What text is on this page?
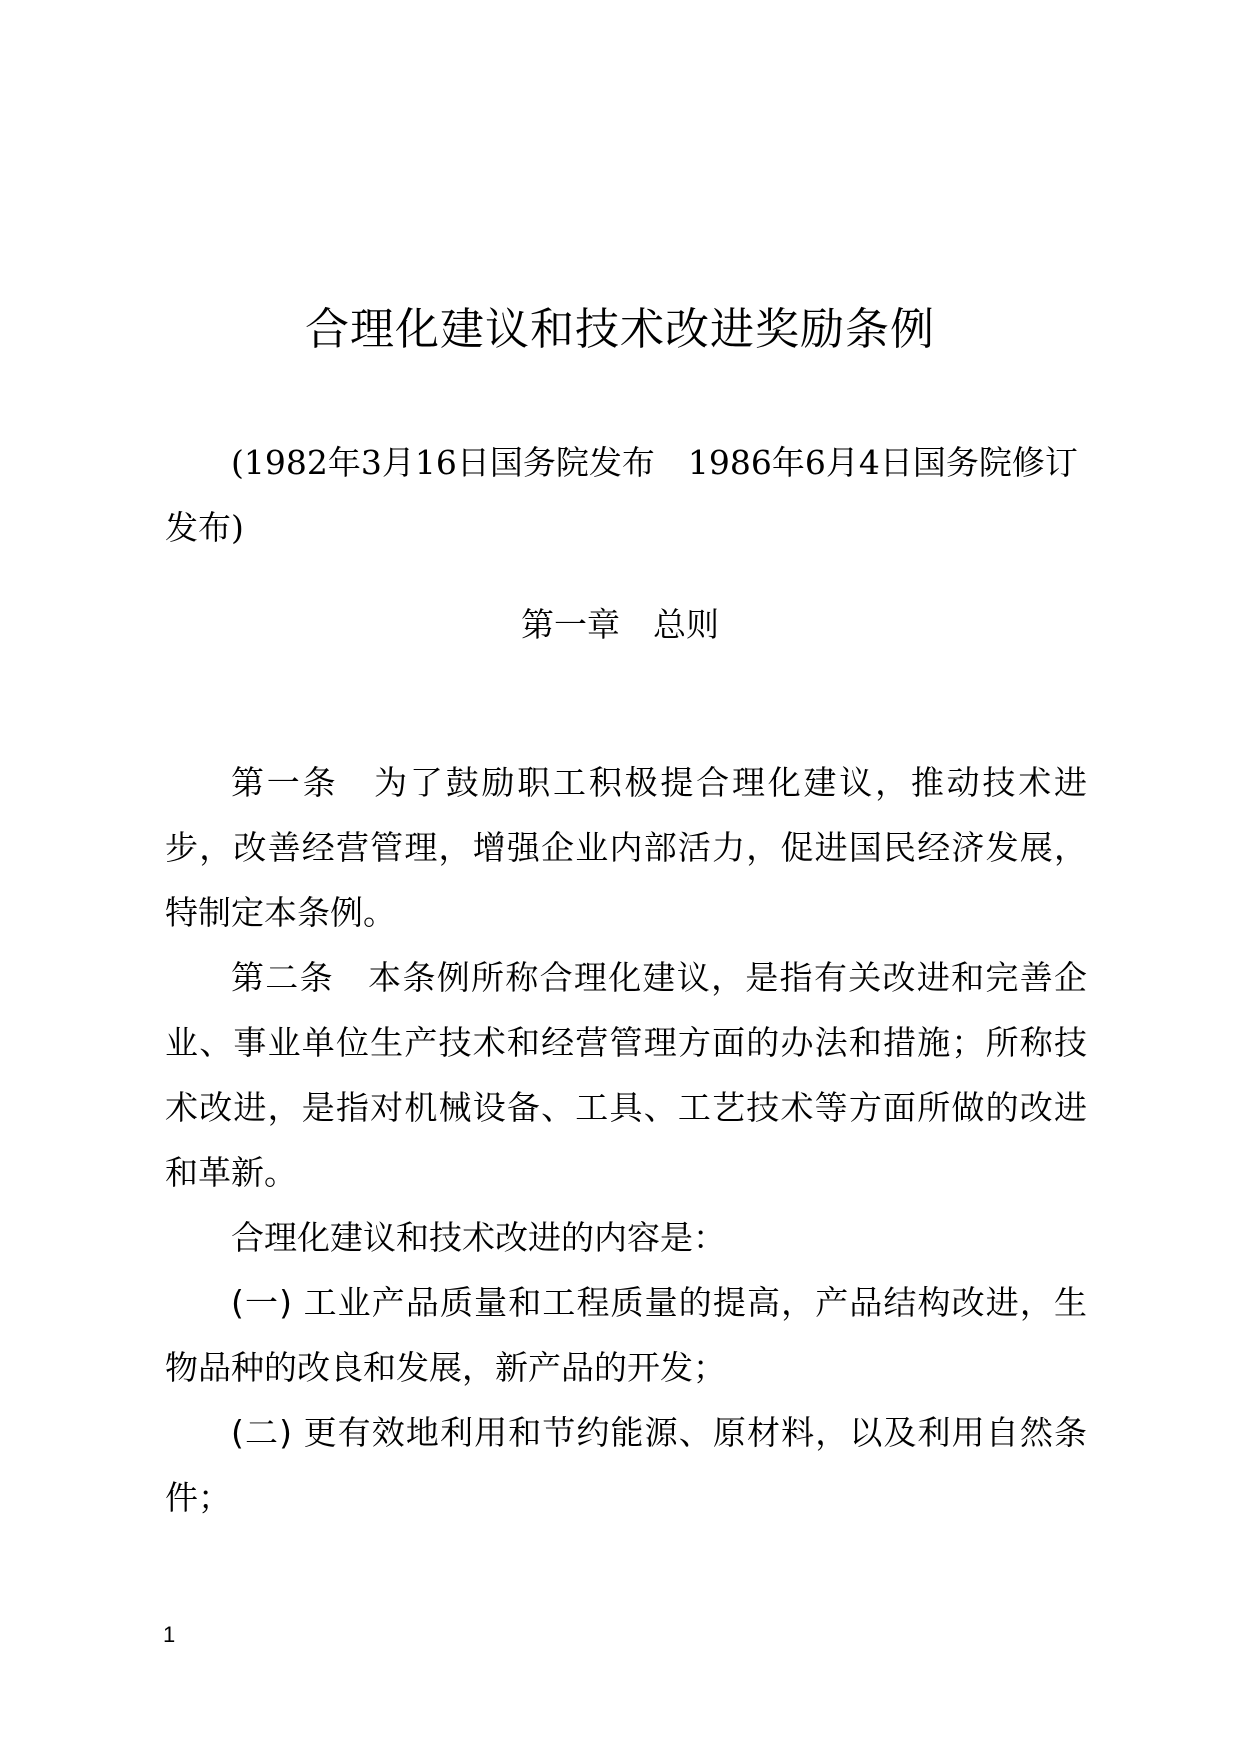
合理化建议和技术改进奖励条例

(1982年3月16日国务院发布　1986年6月4日国务院修订发布)

第一章　总则

第一条　为了鼓励职工积极提合理化建议，推动技术进步，改善经营管理，增强企业内部活力，促进国民经济发展，特制定本条例。

第二条　本条例所称合理化建议，是指有关改进和完善企业、事业单位生产技术和经营管理方面的办法和措施；所称技术改进，是指对机械设备、工具、工艺技术等方面所做的改进和革新。

合理化建议和技术改进的内容是：

(一) 工业产品质量和工程质量的提高，产品结构改进，生物品种的改良和发展，新产品的开发；

(二) 更有效地利用和节约能源、原材料，以及利用自然条件；

1
